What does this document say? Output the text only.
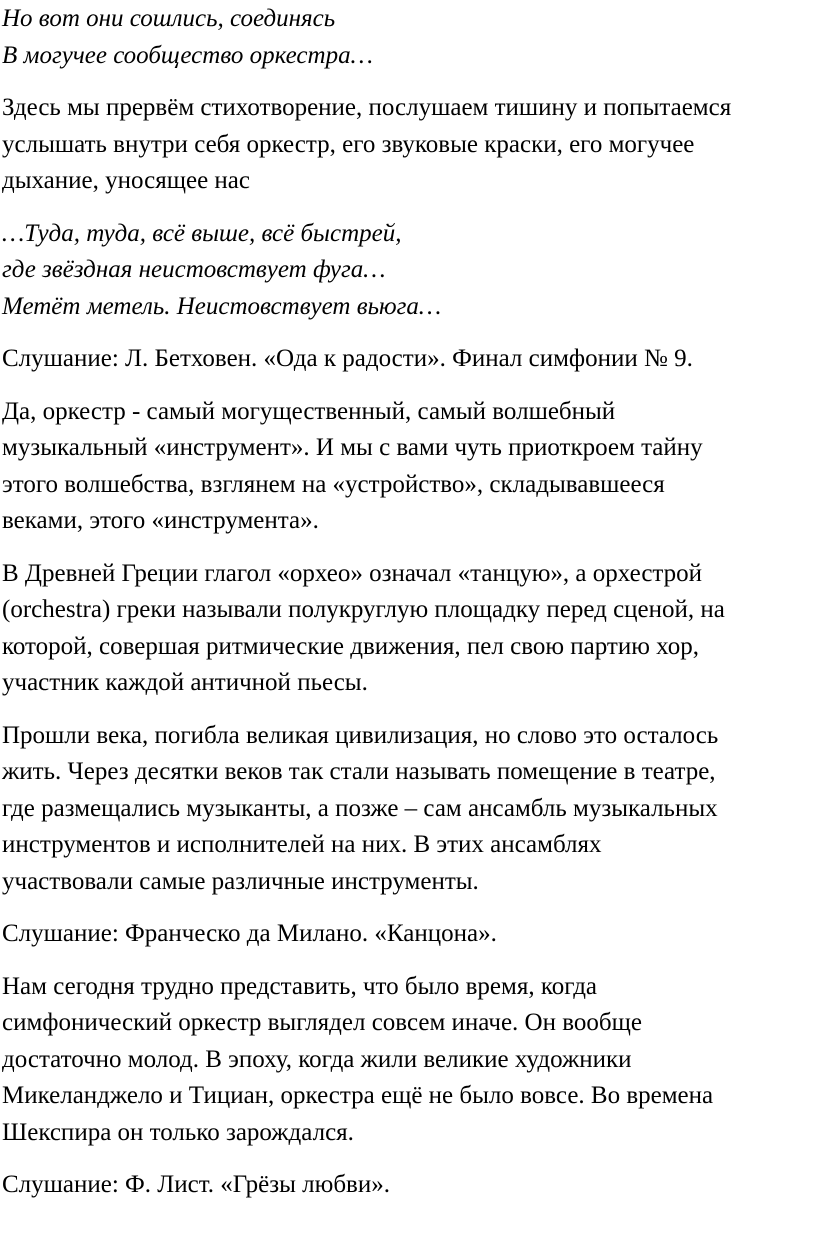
Но вот они сошлись, соединясь
В могучее сообщество оркестра…
Здесь мы прервём стихотворение, послушаем тишину и попытаемся
услышать внутри себя оркестр, его звуковые краски, его могучее
дыхание, уносящее нас
…Туда, туда, всё выше, всё быстрей,
где звёздная неистовствует фуга…
Метёт метель. Неистовствует вьюга…
Слушание: Л. Бетховен. «Ода к радости». Финал симфонии № 9.
Да, оркестр - самый могущественный, самый волшебный
музыкальный «инструмент». И мы с вами чуть приоткроем тайну
этого волшебства, взглянем на «устройство», складывавшееся
веками, этого «инструмента».
В Древней Греции глагол «орхео» означал «танцую», а орхестрой
(orchestra) греки называли полукруглую площадку перед сценой, на
которой, совершая ритмические движения, пел свою партию хор,
участник каждой античной пьесы.
Прошли века, погибла великая цивилизация, но слово это осталось
жить. Через десятки веков так стали называть помещение в театре,
где размещались музыканты, а позже – сам ансамбль музыкальных
инструментов и исполнителей на них. В этих ансамблях
участвовали самые различные инструменты.
Слушание: Франческо да Милано. «Канцона».
Нам сегодня трудно представить, что было время, когда
симфонический оркестр выглядел совсем иначе. Он вообще
достаточно молод. В эпоху, когда жили великие художники
Микеланджело и Тициан, оркестра ещё не было вовсе. Во времена
Шекспира он только зарождался.
Слушание: Ф. Лист. «Грёзы любви».
